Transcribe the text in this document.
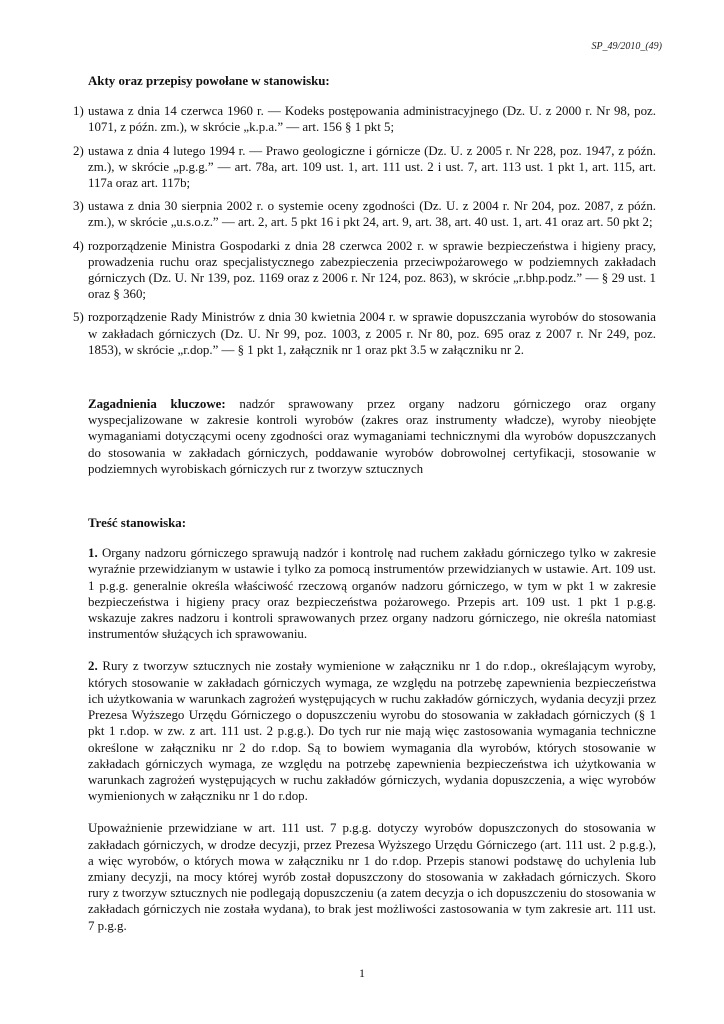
SP_49/2010_(49)
Akty oraz przepisy powołane w stanowisku:
1) ustawa z dnia 14 czerwca 1960 r. — Kodeks postępowania administracyjnego (Dz. U. z 2000 r. Nr 98, poz. 1071, z późn. zm.), w skrócie „k.p.a.” — art. 156 § 1 pkt 5;
2) ustawa z dnia 4 lutego 1994 r. — Prawo geologiczne i górnicze (Dz. U. z 2005 r. Nr 228, poz. 1947, z późn. zm.), w skrócie „p.g.g.” — art. 78a, art. 109 ust. 1, art. 111 ust. 2 i ust. 7, art. 113 ust. 1 pkt 1, art. 115, art. 117a oraz art. 117b;
3) ustawa z dnia 30 sierpnia 2002 r. o systemie oceny zgodności (Dz. U. z 2004 r. Nr 204, poz. 2087, z późn. zm.), w skrócie „u.s.o.z.” — art. 2, art. 5 pkt 16 i pkt 24, art. 9, art. 38, art. 40 ust. 1, art. 41 oraz art. 50 pkt 2;
4) rozporządzenie Ministra Gospodarki z dnia 28 czerwca 2002 r. w sprawie bezpieczeństwa i higieny pracy, prowadzenia ruchu oraz specjalistycznego zabezpieczenia przeciwpożarowego w podziemnych zakładach górniczych (Dz. U. Nr 139, poz. 1169 oraz z 2006 r. Nr 124, poz. 863), w skrócie „r.bhp.podz.” — § 29 ust. 1 oraz § 360;
5) rozporządzenie Rady Ministrów z dnia 30 kwietnia 2004 r. w sprawie dopuszczania wyrobów do stosowania w zakładach górniczych (Dz. U. Nr 99, poz. 1003, z 2005 r. Nr 80, poz. 695 oraz z 2007 r. Nr 249, poz. 1853), w skrócie „r.dop.” — § 1 pkt 1, załącznik nr 1 oraz pkt 3.5 w załączniku nr 2.

Zagadnienia kluczowe: nadzór sprawowany przez organy nadzoru górniczego oraz organy wyspecjalizowane w zakresie kontroli wyrobów (zakres oraz instrumenty władcze), wyroby nieobjęte wymaganiami dotyczącymi oceny zgodności oraz wymaganiami technicznymi dla wyrobów dopuszczanych do stosowania w zakładach górniczych, poddawanie wyrobów dobrowolnej certyfikacji, stosowanie w podziemnych wyrobiskach górniczych rur z tworzyw sztucznych

Treść stanowiska:

1. Organy nadzoru górniczego sprawują nadzór i kontrolę nad ruchem zakładu górniczego tylko w zakresie wyraźnie przewidzianym w ustawie i tylko za pomocą instrumentów przewidzianych w ustawie. Art. 109 ust. 1 p.g.g. generalnie określa właściwość rzeczową organów nadzoru górniczego, w tym w pkt 1 w zakresie bezpieczeństwa i higieny pracy oraz bezpieczeństwa pożarowego. Przepis art. 109 ust. 1 pkt 1 p.g.g. wskazuje zakres nadzoru i kontroli sprawowanych przez organy nadzoru górniczego, nie określa natomiast instrumentów służących ich sprawowaniu.

2. Rury z tworzyw sztucznych nie zostały wymienione w załączniku nr 1 do r.dop., określającym wyroby, których stosowanie w zakładach górniczych wymaga, ze względu na potrzebę zapewnienia bezpieczeństwa ich użytkowania w warunkach zagrożeń występujących w ruchu zakładów górniczych, wydania decyzji przez Prezesa Wyższego Urzędu Górniczego o dopuszczeniu wyrobu do stosowania w zakładach górniczych (§ 1 pkt 1 r.dop. w zw. z art. 111 ust. 2 p.g.g.). Do tych rur nie mają więc zastosowania wymagania techniczne określone w załączniku nr 2 do r.dop. Są to bowiem wymagania dla wyrobów, których stosowanie w zakładach górniczych wymaga, ze względu na potrzebę zapewnienia bezpieczeństwa ich użytkowania w warunkach zagrożeń występujących w ruchu zakładów górniczych, wydania dopuszczenia, a więc wyrobów wymienionych w załączniku nr 1 do r.dop.

Upoważnienie przewidziane w art. 111 ust. 7 p.g.g. dotyczy wyrobów dopuszczonych do stosowania w zakładach górniczych, w drodze decyzji, przez Prezesa Wyższego Urzędu Górniczego (art. 111 ust. 2 p.g.g.), a więc wyrobów, o których mowa w załączniku nr 1 do r.dop. Przepis stanowi podstawę do uchylenia lub zmiany decyzji, na mocy której wyrób został dopuszczony do stosowania w zakładach górniczych. Skoro rury z tworzyw sztucznych nie podlegają dopuszczeniu (a zatem decyzja o ich dopuszczeniu do stosowania w zakładach górniczych nie została wydana), to brak jest możliwości zastosowania w tym zakresie art. 111 ust. 7 p.g.g.

1
